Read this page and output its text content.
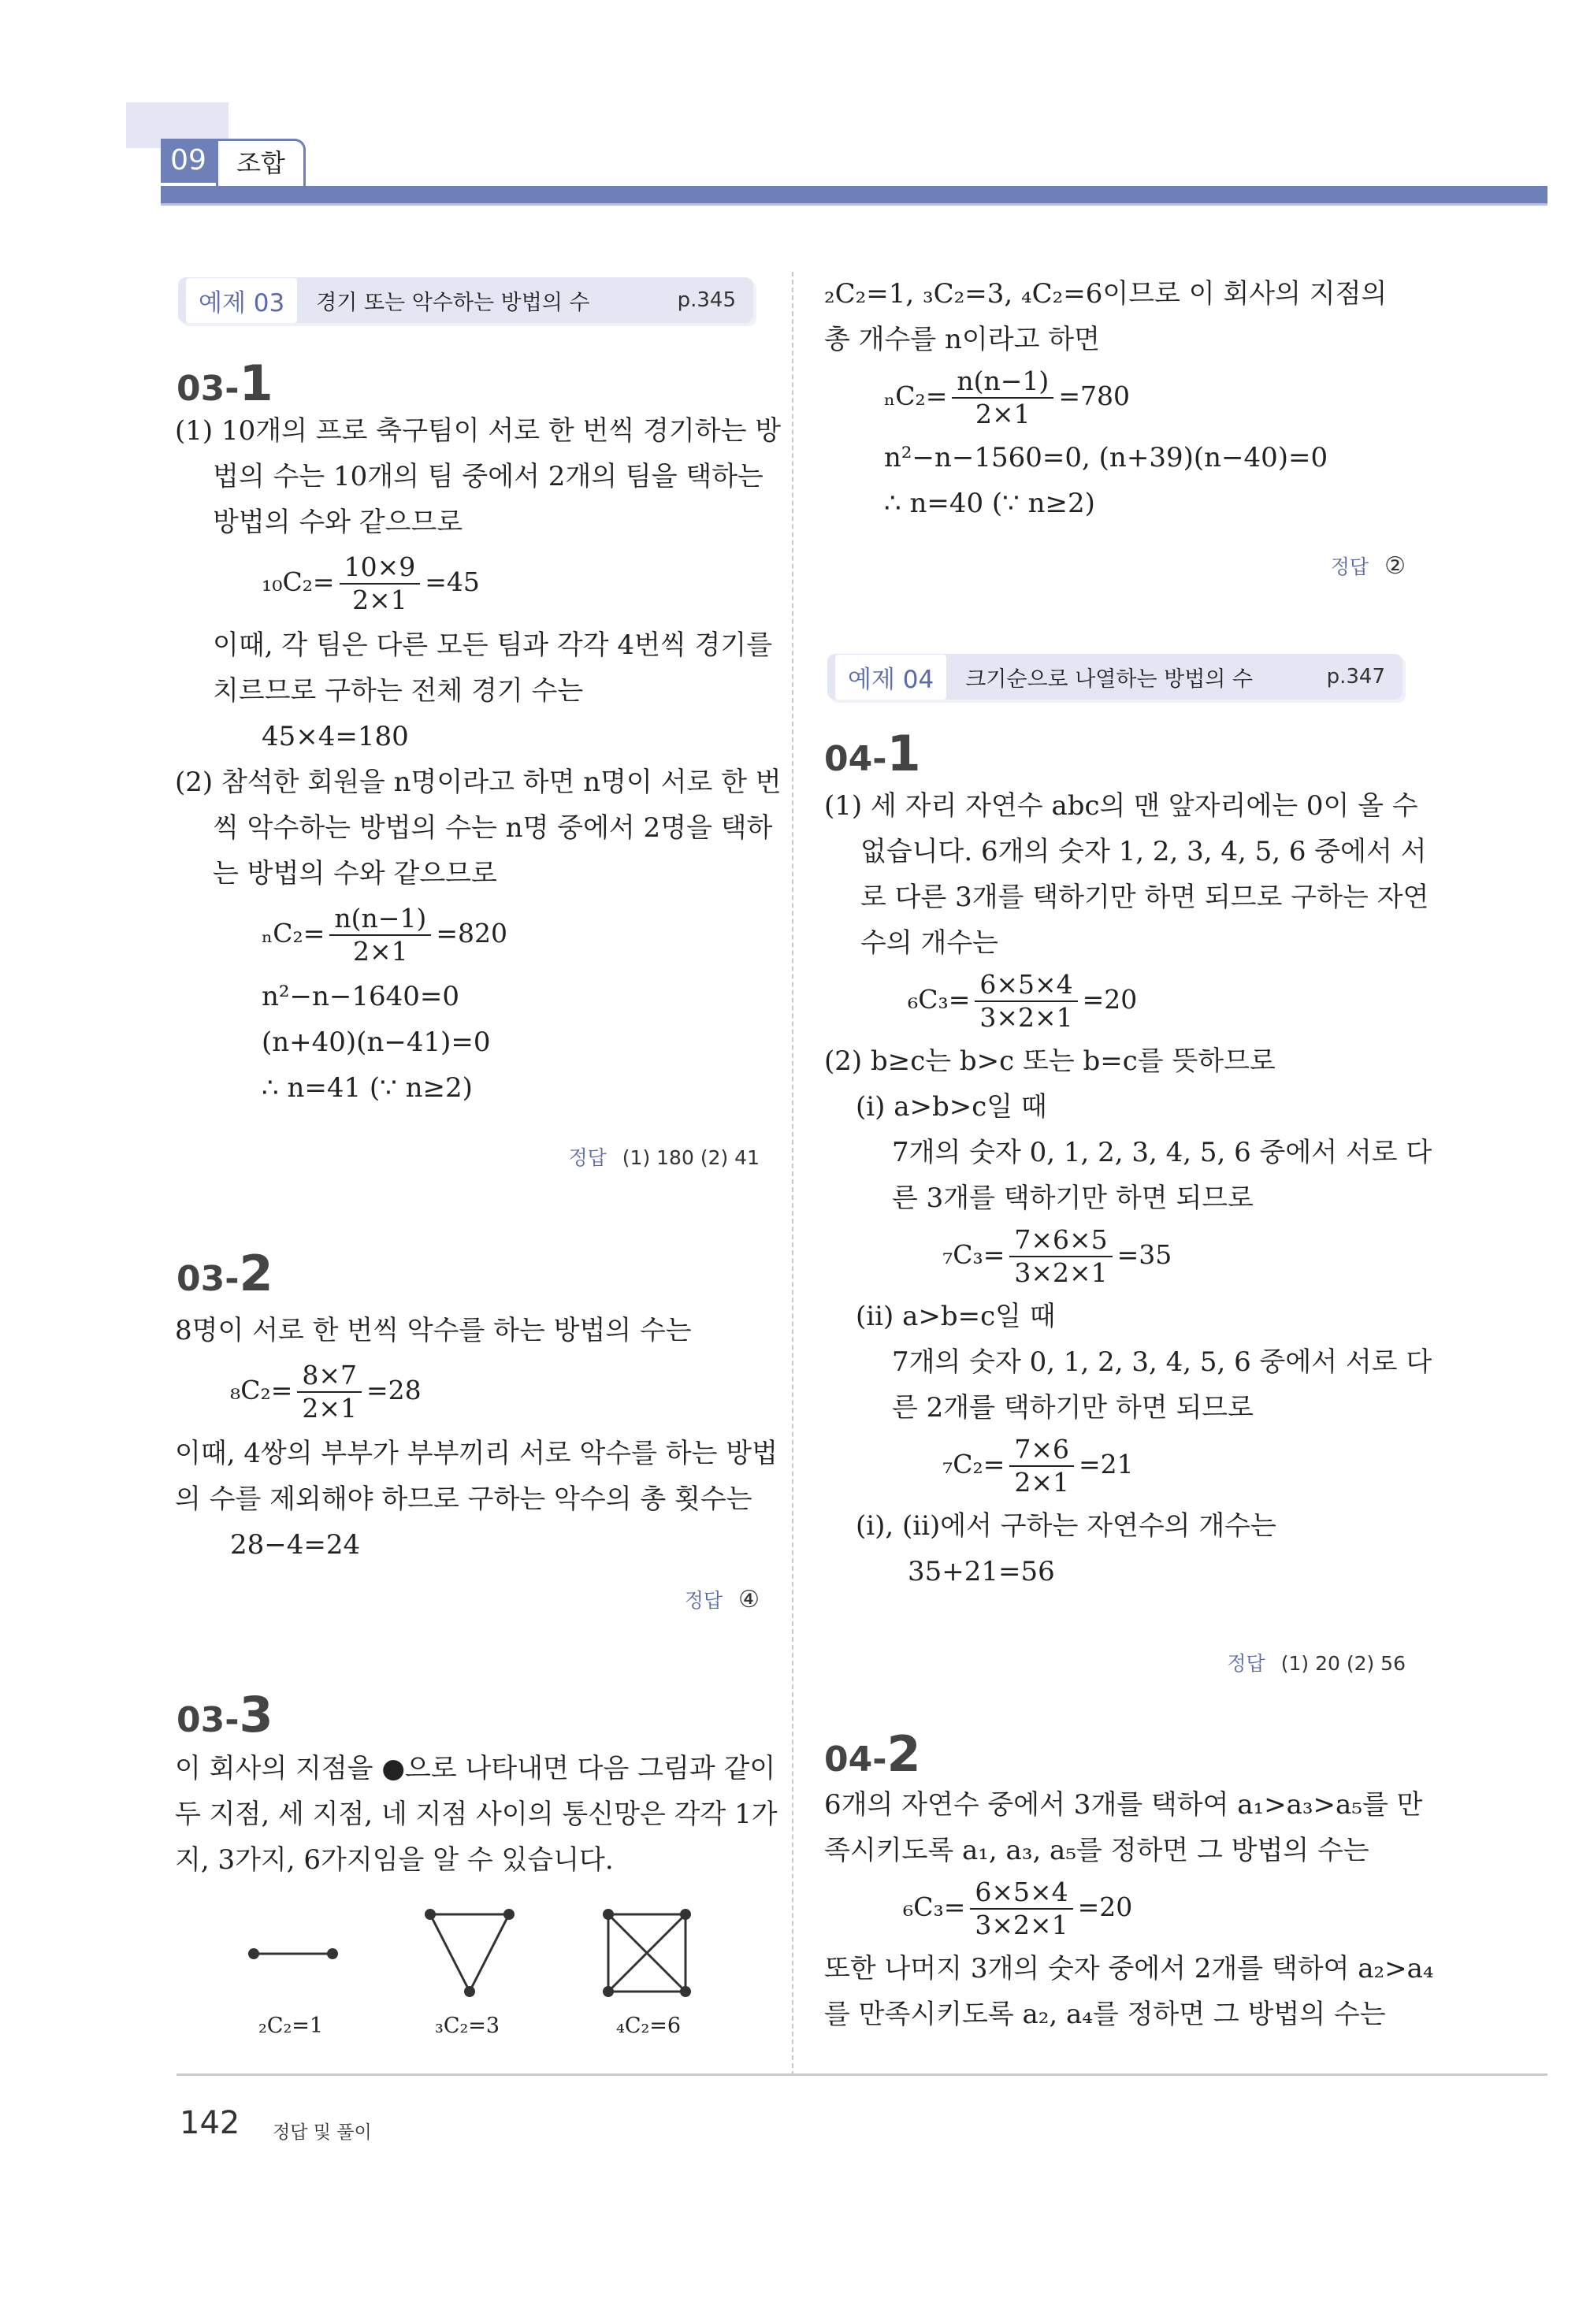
09	조합
예제 03	경기 또는 악수하는 방법의 수	p.345
03-1
(1) 10개의 프로 축구팀이 서로 한 번씩 경기하는 방
법의 수는 10개의 팀 중에서 2개의 팀을 택하는
방법의 수와 같으므로
$_{10}C_2= \frac{10\times 9}{2\times 1} =45$
이때, 각 팀은 다른 모든 팀과 각각 4번씩 경기를
치르므로 구하는 전체 경기 수는
45×4=180
(2) 참석한 회원을 n명이라고 하면 n명이 서로 한 번
씩 악수하는 방법의 수는 n명 중에서 2명을 택하
는 방법의 수와 같으므로
$_nC_2= \frac{n(n-1)}{2\times 1} =820$
n²−n−1640=0
(n+40)(n−41)=0
∴ n=41 (∵ n≥2)
정답 (1) 180 (2) 41
03-2
8명이 서로 한 번씩 악수를 하는 방법의 수는
$_8C_2= \frac{8\times 7}{2\times 1} =28$
이때, 4쌍의 부부가 부부끼리 서로 악수를 하는 방법
의 수를 제외해야 하므로 구하는 악수의 총 횟수는
28−4=24
정답 ④
03-3
이 회사의 지점을 ●으로 나타내면 다음 그림과 같이
두 지점, 세 지점, 네 지점 사이의 통신망은 각각 1가
지, 3가지, 6가지임을 알 수 있습니다.
₂C₂=1	₃C₂=3	₄C₂=6
₂C₂=1, ₃C₂=3, ₄C₂=6이므로 이 회사의 지점의
총 개수를 n이라고 하면
$_nC_2= \frac{n(n-1)}{2\times 1} =780$
n²−n−1560=0, (n+39)(n−40)=0
∴ n=40 (∵ n≥2)
정답 ②
예제 04	크기순으로 나열하는 방법의 수	p.347
04-1
(1) 세 자리 자연수 abc의 맨 앞자리에는 0이 올 수
없습니다. 6개의 숫자 1, 2, 3, 4, 5, 6 중에서 서
로 다른 3개를 택하기만 하면 되므로 구하는 자연
수의 개수는
$_6C_3= \frac{6\times 5\times 4}{3\times 2\times 1} =20$
(2) b≥c는 b>c 또는 b=c를 뜻하므로
(ⅰ) a>b>c일 때
7개의 숫자 0, 1, 2, 3, 4, 5, 6 중에서 서로 다
른 3개를 택하기만 하면 되므로
$_7C_3= \frac{7\times 6\times 5}{3\times 2\times 1} =35$
(ⅱ) a>b=c일 때
7개의 숫자 0, 1, 2, 3, 4, 5, 6 중에서 서로 다
른 2개를 택하기만 하면 되므로
$_7C_2= \frac{7\times 6}{2\times 1} =21$
(ⅰ), (ⅱ)에서 구하는 자연수의 개수는
35+21=56
정답 (1) 20 (2) 56
04-2
6개의 자연수 중에서 3개를 택하여 a₁>a₃>a₅를 만
족시키도록 a₁, a₃, a₅를 정하면 그 방법의 수는
$_6C_3= \frac{6\times 5\times 4}{3\times 2\times 1} =20$
또한 나머지 3개의 숫자 중에서 2개를 택하여 a₂>a₄
를 만족시키도록 a₂, a₄를 정하면 그 방법의 수는
142 정답 및 풀이
